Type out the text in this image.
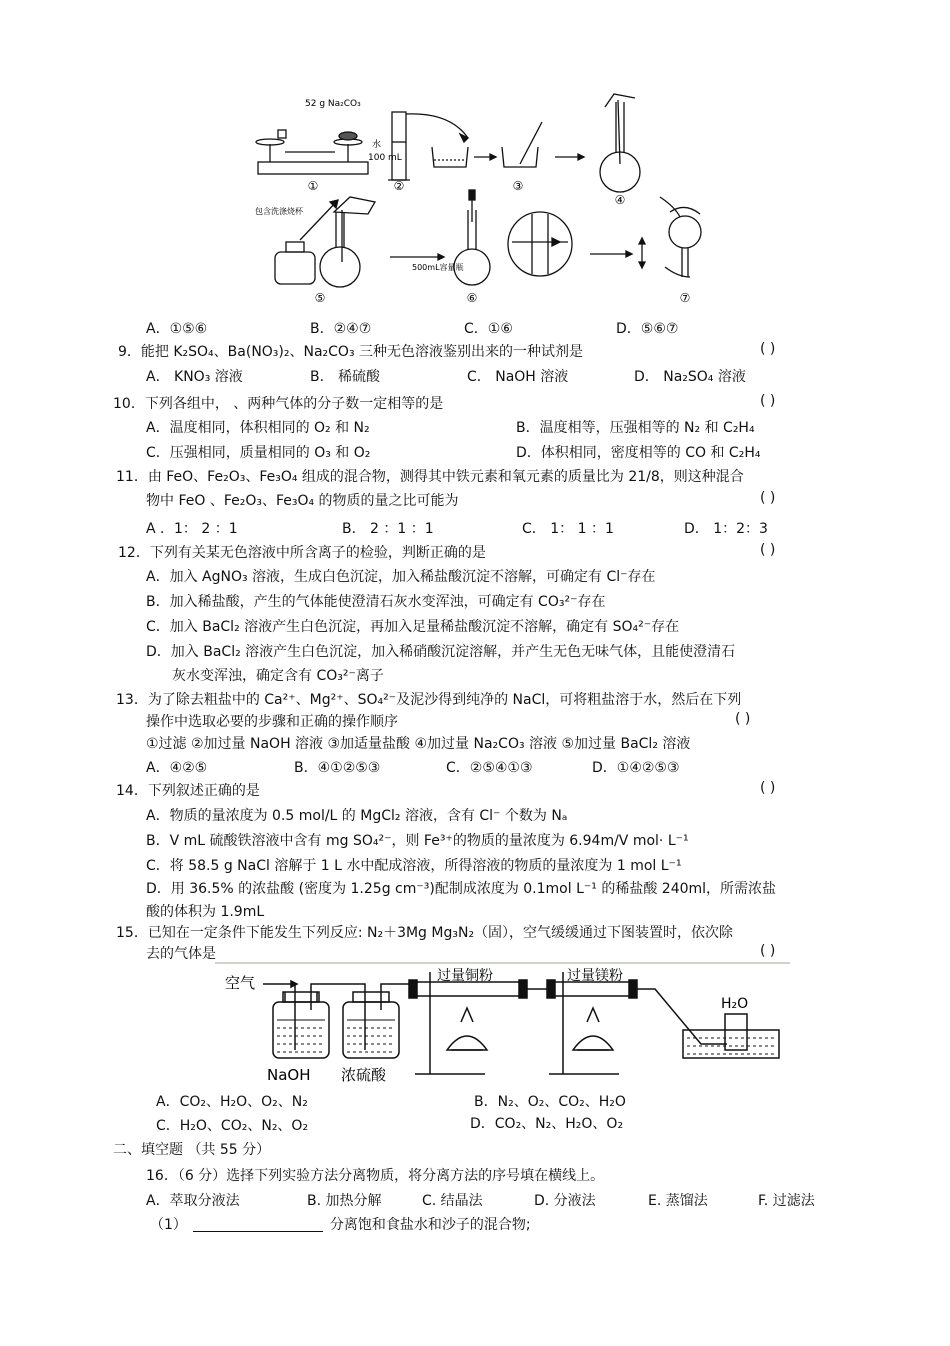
52 g Na₂CO₃
水
100 mL
包含洗涤烧杯
500mL容量瓶
①	②	③
④
⑤	⑥	⑦
A．①⑤⑥	B．②④⑦	C．①⑥	D．⑤⑥⑦
9．能把 K₂SO₄、Ba(NO₃)₂、Na₂CO₃ 三种无色溶液鉴别出来的一种试剂是	( )
A． KNO₃ 溶液	B． 稀硫酸	C． NaOH 溶液	D． Na₂SO₄ 溶液
10．下列各组中， 、两种气体的分子数一定相等的是	( )
A．温度相同，体积相同的 O₂ 和 N₂	B．温度相等，压强相等的 N₂ 和 C₂H₄
C．压强相同，质量相同的 O₃ 和 O₂	D．体积相同，密度相等的 CO 和 C₂H₄
11．由 FeO、Fe₂O₃、Fe₃O₄ 组成的混合物，测得其中铁元素和氧元素的质量比为 21/8，则这种混合
物中 FeO 、Fe₂O₃、Fe₃O₄ 的物质的量之比可能为	( )
A ．1： 2 ：1	B． 2 ：1 ：1	C． 1： 1 ：1	D． 1：2：3
12．下列有关某无色溶液中所含离子的检验，判断正确的是	( )
A．加入 AgNO₃ 溶液，生成白色沉淀，加入稀盐酸沉淀不溶解，可确定有 Cl⁻存在
B．加入稀盐酸，产生的气体能使澄清石灰水变浑浊，可确定有 CO₃²⁻存在
C．加入 BaCl₂ 溶液产生白色沉淀，再加入足量稀盐酸沉淀不溶解，确定有 SO₄²⁻存在
D．加入 BaCl₂ 溶液产生白色沉淀，加入稀硝酸沉淀溶解，并产生无色无味气体，且能使澄清石
灰水变浑浊，确定含有 CO₃²⁻离子
13．为了除去粗盐中的 Ca²⁺、Mg²⁺、SO₄²⁻及泥沙得到纯净的 NaCl，可将粗盐溶于水，然后在下列
操作中选取必要的步骤和正确的操作顺序	( )
①过滤 ②加过量 NaOH 溶液 ③加适量盐酸 ④加过量 Na₂CO₃ 溶液 ⑤加过量 BaCl₂ 溶液
A．④②⑤	B．④①②⑤③	C．②⑤④①③	D．①④②⑤③
14．下列叙述正确的是	( )
A．物质的量浓度为 0.5 mol/L 的 MgCl₂ 溶液，含有 Cl⁻ 个数为 Nₐ
B．V mL 硫酸铁溶液中含有 mg SO₄²⁻，则 Fe³⁺的物质的量浓度为 6.94m/V mol· L⁻¹
C．将 58.5 g NaCl 溶解于 1 L 水中配成溶液，所得溶液的物质的量浓度为 1 mol L⁻¹
D．用 36.5% 的浓盐酸 (密度为 1.25g cm⁻³)配制成浓度为 0.1mol L⁻¹ 的稀盐酸 240ml，所需浓盐
酸的体积为 1.9mL
15．已知在一定条件下能发生下列反应: N₂＋3Mg Mg₃N₂（固），空气缓缓通过下图装置时，依次除
去的气体是	( )
空气	过量铜粉	过量镁粉
NaOH 浓硫酸
H₂O
A．CO₂、H₂O、O₂、N₂	B．N₂、O₂、CO₂、H₂O
C．H₂O、CO₂、N₂、O₂	D．CO₂、N₂、H₂O、O₂
二、填空题 （共 55 分）
16．（6 分）选择下列实验方法分离物质，将分离方法的序号填在横线上。
A．萃取分液法	B. 加热分解	C. 结晶法	D. 分液法	E. 蒸馏法	F. 过滤法
（1）	分离饱和食盐水和沙子的混合物;
